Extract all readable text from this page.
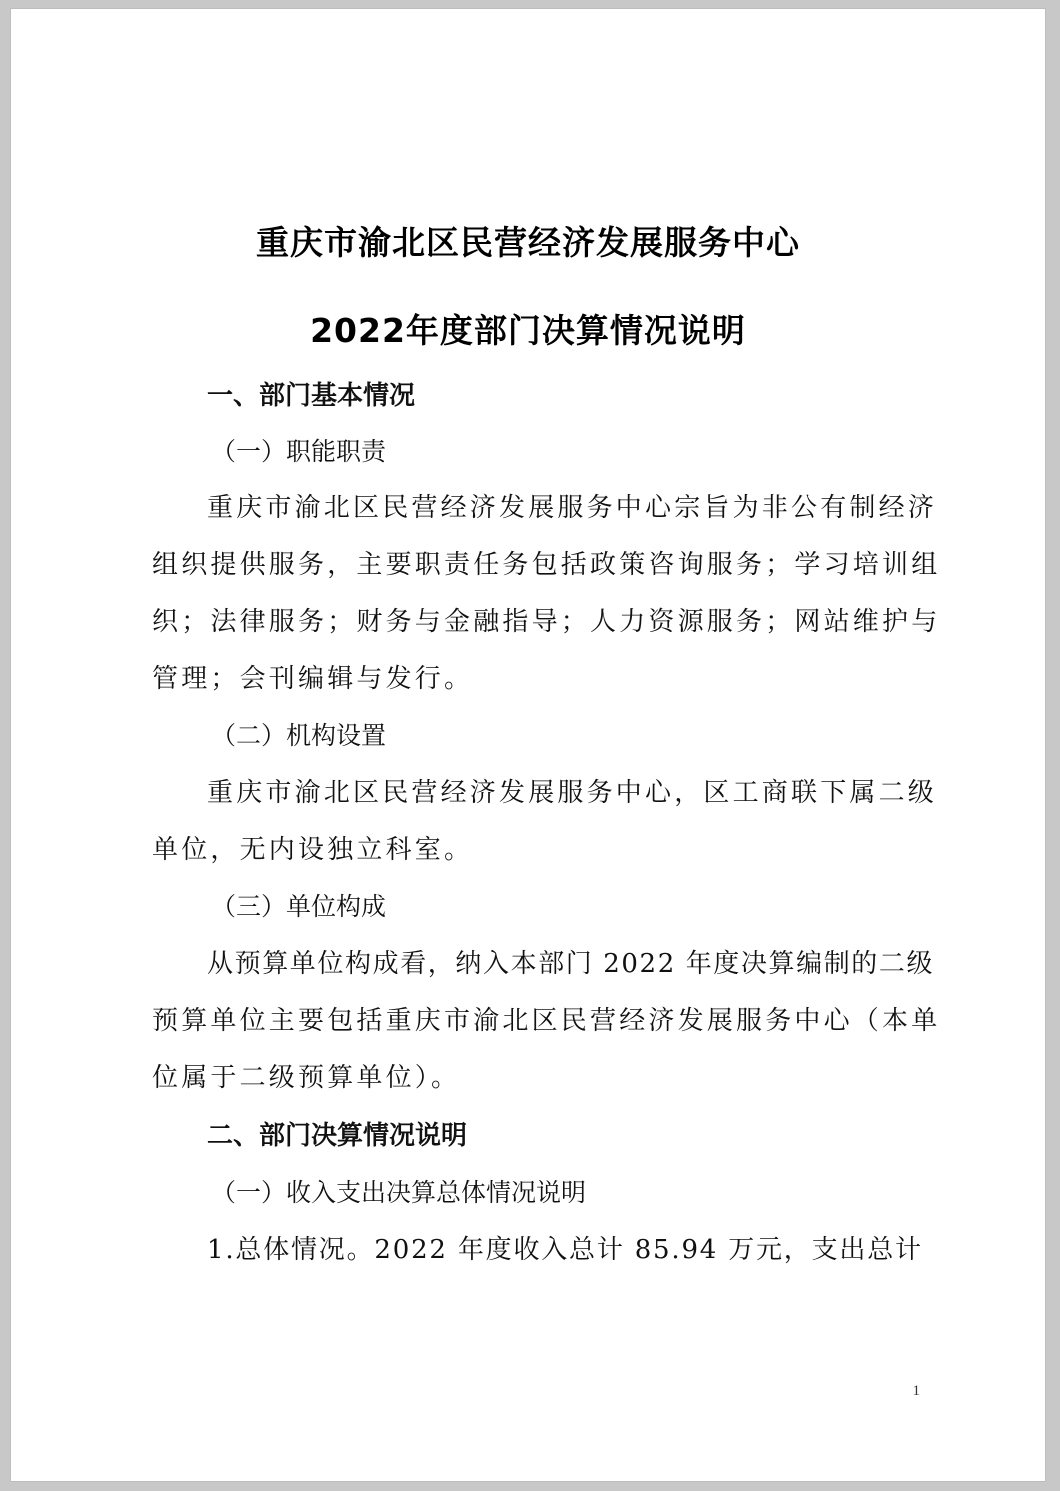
重庆市渝北区民营经济发展服务中心
2022年度部门决算情况说明
一、部门基本情况
（一）职能职责
重庆市渝北区民营经济发展服务中心宗旨为非公有制经济
组织提供服务，主要职责任务包括政策咨询服务；学习培训组
织；法律服务；财务与金融指导；人力资源服务；网站维护与
管理；会刊编辑与发行。
（二）机构设置
重庆市渝北区民营经济发展服务中心，区工商联下属二级
单位，无内设独立科室。
（三）单位构成
从预算单位构成看，纳入本部门 2022 年度决算编制的二级
预算单位主要包括重庆市渝北区民营经济发展服务中心（本单
位属于二级预算单位）。
二、部门决算情况说明
（一）收入支出决算总体情况说明
1.总体情况。2022 年度收入总计 85.94 万元，支出总计
1
